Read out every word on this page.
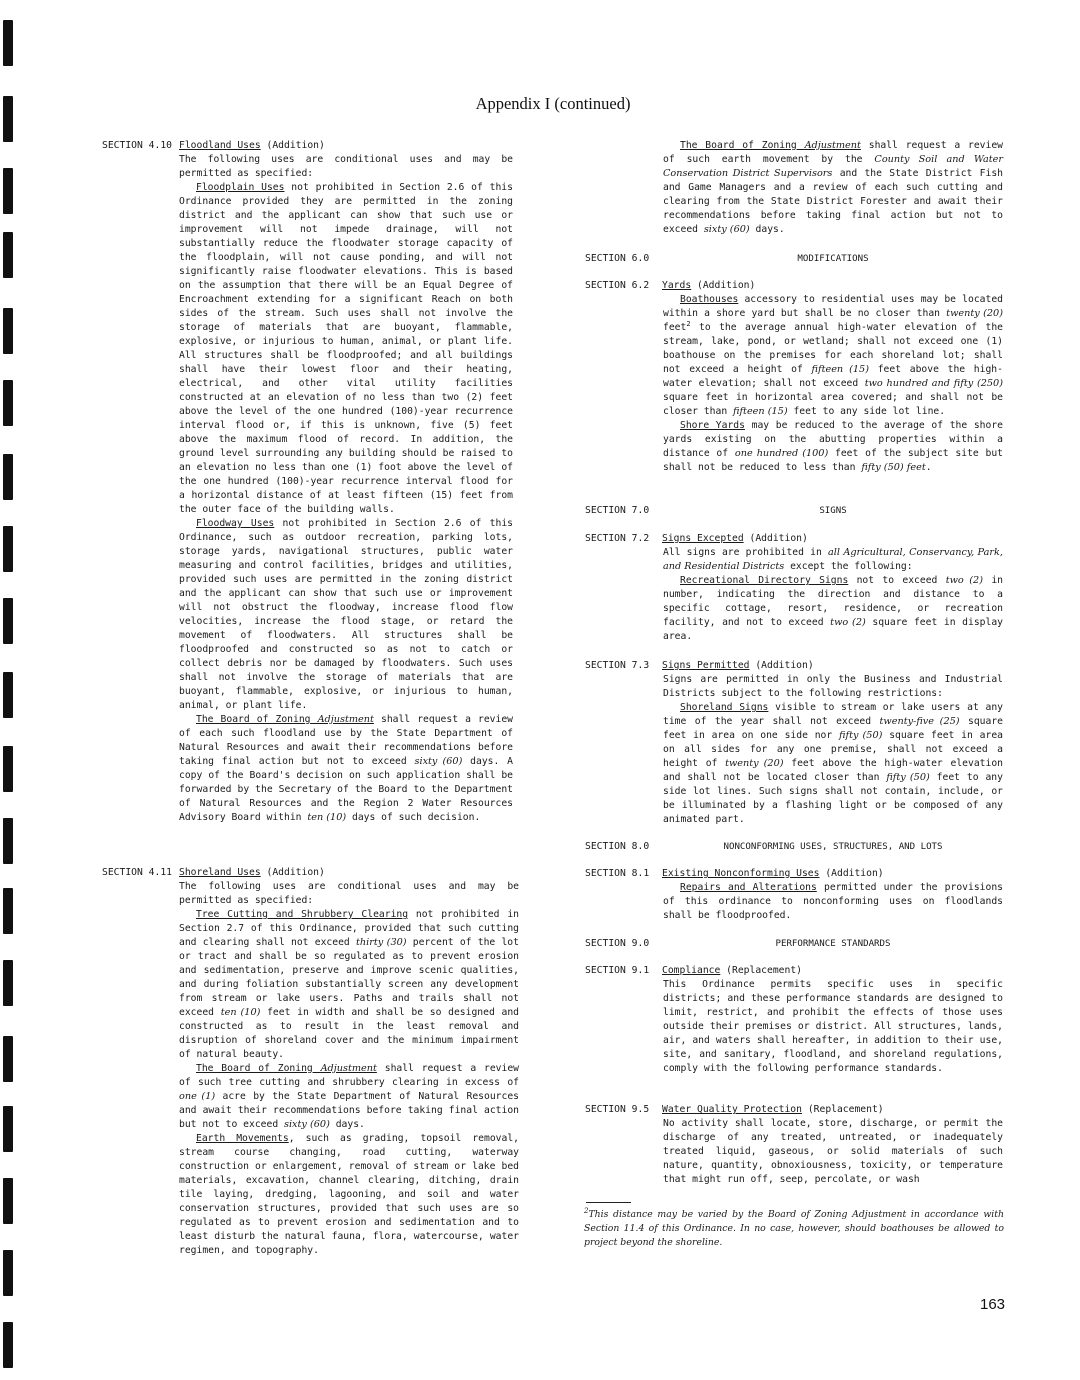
Appendix I (continued)
SECTION 4.10 Floodland Uses (Addition)

The following uses are conditional uses and may be permitted as specified:

Floodplain Uses not prohibited in Section 2.6 of this Ordinance provided they are permitted in the zoning district and the applicant can show that such use or improvement will not impede drainage, will not substantially reduce the floodwater storage capacity of the floodplain, will not cause ponding, and will not significantly raise floodwater elevations. This is based on the assumption that there will be an Equal Degree of Encroachment extending for a significant Reach on both sides of the stream. Such uses shall not involve the storage of materials that are buoyant, flammable, explosive, or injurious to human, animal, or plant life. All structures shall be floodproofed; and all buildings shall have their lowest floor and their heating, electrical, and other vital utility facilities constructed at an elevation of no less than two (2) feet above the level of the one hundred (100)-year recurrence interval flood or, if this is unknown, five (5) feet above the maximum flood of record. In addition, the ground level surrounding any building should be raised to an elevation no less than one (1) foot above the level of the one hundred (100)-year recurrence interval flood for a horizontal distance of at least fifteen (15) feet from the outer face of the building walls.

Floodway Uses not prohibited in Section 2.6 of this Ordinance, such as outdoor recreation, parking lots, storage yards, navigational structures, public water measuring and control facilities, bridges and utilities, provided such uses are permitted in the zoning district and the applicant can show that such use or improvement will not obstruct the floodway, increase flood flow velocities, increase the flood stage, or retard the movement of floodwaters. All structures shall be floodproofed and constructed so as not to catch or collect debris nor be damaged by floodwaters. Such uses shall not involve the storage of materials that are buoyant, flammable, explosive, or injurious to human, animal, or plant life.

The Board of Zoning Adjustment shall request a review of each such floodland use by the State Department of Natural Resources and await their recommendations before taking final action but not to exceed sixty (60) days. A copy of the Board's decision on such application shall be forwarded by the Secretary of the Board to the Department of Natural Resources and the Region 2 Water Resources Advisory Board within ten (10) days of such decision.

SECTION 4.11 Shoreland Uses (Addition)

The following uses are conditional uses and may be permitted as specified:

Tree Cutting and Shrubbery Clearing not prohibited in Section 2.7 of this Ordinance, provided that such cutting and clearing shall not exceed thirty (30) percent of the lot or tract and shall be so regulated as to prevent erosion and sedimentation, preserve and improve scenic qualities, and during foliation substantially screen any development from stream or lake users. Paths and trails shall not exceed ten (10) feet in width and shall be so designed and constructed as to result in the least removal and disruption of shoreland cover and the minimum impairment of natural beauty.

The Board of Zoning Adjustment shall request a review of such tree cutting and shrubbery clearing in excess of one (1) acre by the State Department of Natural Resources and await their recommendations before taking final action but not to exceed sixty (60) days.

Earth Movements, such as grading, topsoil removal, stream course changing, road cutting, waterway construction or enlargement, removal of stream or lake bed materials, excavation, channel clearing, ditching, drain tile laying, dredging, lagooning, and soil and water conservation structures, provided that such uses are so regulated as to prevent erosion and sedimentation and to least disturb the natural fauna, flora, watercourse, water regimen, and topography.

The Board of Zoning Adjustment shall request a review of such earth movement by the County Soil and Water Conservation District Supervisors and the State District Fish and Game Managers and a review of each such cutting and clearing from the State District Forester and await their recommendations before taking final action but not to exceed sixty (60) days.

SECTION 6.0	MODIFICATIONS
SECTION 6.2 Yards (Addition)

Boathouses accessory to residential uses may be located within a shore yard but shall be no closer than twenty (20) feet$^2$ to the average annual high-water elevation of the stream, lake, pond, or wetland; shall not exceed one (1) boathouse on the premises for each shoreland lot; shall not exceed a height of fifteen (15) feet above the high-water elevation; shall not exceed two hundred and fifty (250) square feet in horizontal area covered; and shall not be closer than fifteen (15) feet to any side lot line.

Shore Yards may be reduced to the average of the shore yards existing on the abutting properties within a distance of one hundred (100) feet of the subject site but shall not be reduced to less than fifty (50) feet.

SECTION 7.0	SIGNS
SECTION 7.2 Signs Excepted (Addition)

All signs are prohibited in all Agricultural, Conservancy, Park, and Residential Districts except the following:

Recreational Directory Signs not to exceed two (2) in number, indicating the direction and distance to a specific cottage, resort, residence, or recreation facility, and not to exceed two (2) square feet in display area.

SECTION 7.3 Signs Permitted (Addition)

Signs are permitted in only the Business and Industrial Districts subject to the following restrictions:

Shoreland Signs visible to stream or lake users at any time of the year shall not exceed twenty-five (25) square feet in area on one side nor fifty (50) square feet in area on all sides for any one premise, shall not exceed a height of twenty (20) feet above the high-water elevation and shall not be located closer than fifty (50) feet to any side lot lines. Such signs shall not contain, include, or be illuminated by a flashing light or be composed of any animated part.

SECTION 8.0	NONCONFORMING USES, STRUCTURES, AND LOTS
SECTION 8.1 Existing Nonconforming Uses (Addition)

Repairs and Alterations permitted under the provisions of this ordinance to nonconforming uses on floodlands shall be floodproofed.

SECTION 9.0	PERFORMANCE STANDARDS
SECTION 9.1 Compliance (Replacement)

This Ordinance permits specific uses in specific districts; and these performance standards are designed to limit, restrict, and prohibit the effects of those uses outside their premises or district. All structures, lands, air, and waters shall hereafter, in addition to their use, site, and sanitary, floodland, and shoreland regulations, comply with the following performance standards.

SECTION 9.5 Water Quality Protection (Replacement)

No activity shall locate, store, discharge, or permit the discharge of any treated, untreated, or inadequately treated liquid, gaseous, or solid materials of such nature, quantity, obnoxiousness, toxicity, or temperature that might run off, seep, percolate, or wash

$^2$This distance may be varied by the Board of Zoning Adjustment in accordance with Section 11.4 of this Ordinance. In no case, however, should boathouses be allowed to project beyond the shoreline.
163
